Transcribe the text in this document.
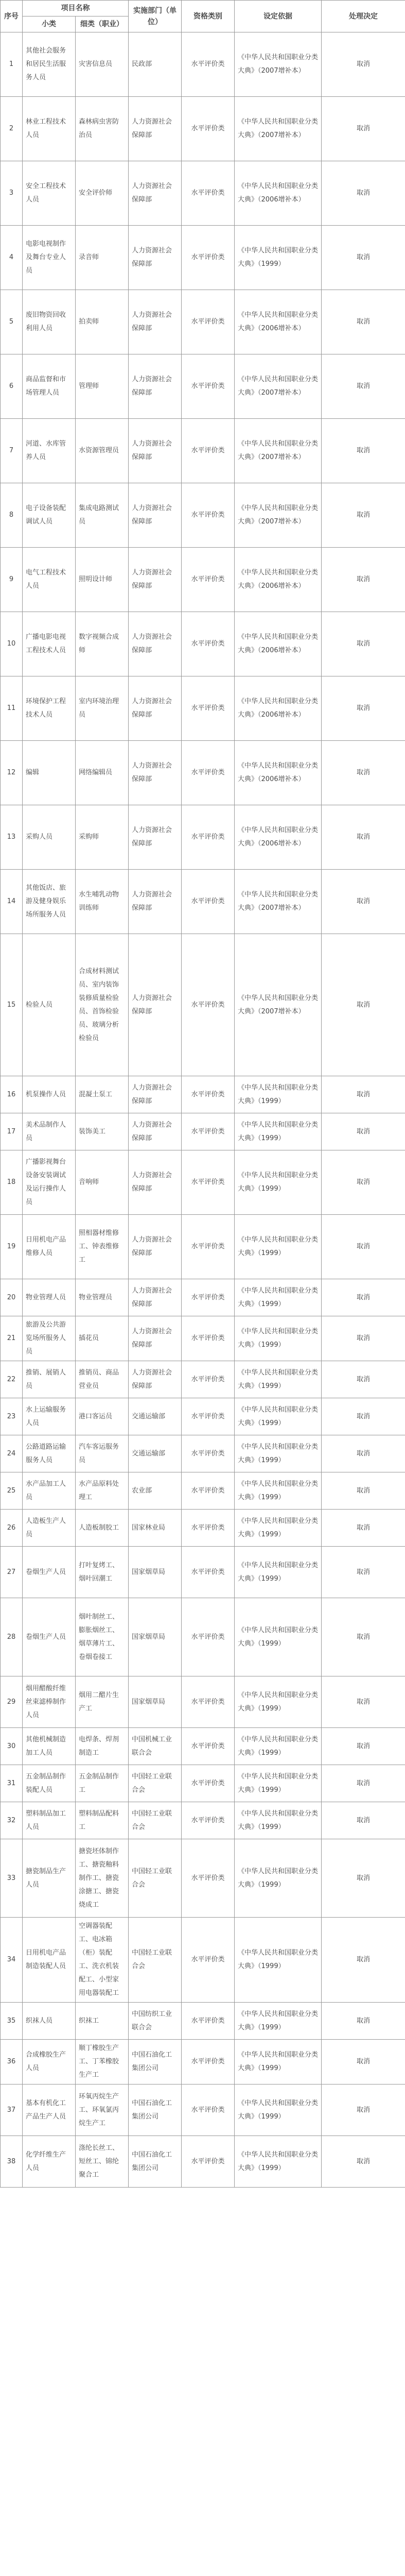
序号	项目名称		实施部门（单位）	资格类别	设定依据	处理决定
	小类	细类（职业）				
1	其他社会服务和居民生活服务人员	灾害信息员	民政部	水平评价类	《中华人民共和国职业分类大典》（2007增补本）	取消
2	林业工程技术人员	森林病虫害防治员	人力资源社会保障部	水平评价类	《中华人民共和国职业分类大典》（2007增补本）	取消
3	安全工程技术人员	安全评价师	人力资源社会保障部	水平评价类	《中华人民共和国职业分类大典》（2006增补本）	取消
4	电影电视制作及舞台专业人员	录音师	人力资源社会保障部	水平评价类	《中华人民共和国职业分类大典》（1999）	取消
5	废旧物资回收利用人员	拍卖师	人力资源社会保障部	水平评价类	《中华人民共和国职业分类大典》（2006增补本）	取消
6	商品监督和市场管理人员	管理师	人力资源社会保障部	水平评价类	《中华人民共和国职业分类大典》（2007增补本）	取消
7	河道、水库管养人员	水资源管理员	人力资源社会保障部	水平评价类	《中华人民共和国职业分类大典》（2007增补本）	取消
8	电子设备装配调试人员	集成电路测试员	人力资源社会保障部	水平评价类	《中华人民共和国职业分类大典》（2007增补本）	取消
9	电气工程技术人员	照明设计师	人力资源社会保障部	水平评价类	《中华人民共和国职业分类大典》（2006增补本）	取消
10	广播电影电视工程技术人员	数字视频合成师	人力资源社会保障部	水平评价类	《中华人民共和国职业分类大典》（2006增补本）	取消
11	环境保护工程技术人员	室内环境治理员	人力资源社会保障部	水平评价类	《中华人民共和国职业分类大典》（2006增补本）	取消
12	编辑	网络编辑员	人力资源社会保障部	水平评价类	《中华人民共和国职业分类大典》（2006增补本）	取消
13	采购人员	采购师	人力资源社会保障部	水平评价类	《中华人民共和国职业分类大典》（2006增补本）	取消
14	其他饭店、旅游及健身娱乐场所服务人员	水生哺乳动物训练师	人力资源社会保障部	水平评价类	《中华人民共和国职业分类大典》（2007增补本）	取消
15	检验人员	合成材料测试员、室内装饰装修质量检验员、首饰检验员、玻璃分析检验员	人力资源社会保障部	水平评价类	《中华人民共和国职业分类大典》（2007增补本）	取消
16	机泵操作人员	混凝土泵工	人力资源社会保障部	水平评价类	《中华人民共和国职业分类大典》（1999）	取消
17	美术品制作人员	装饰美工	人力资源社会保障部	水平评价类	《中华人民共和国职业分类大典》（1999）	取消
18	广播影视舞台设备安装调试及运行操作人员	音响师	人力资源社会保障部	水平评价类	《中华人民共和国职业分类大典》（1999）	取消
19	日用机电产品维修人员	照相器材维修工、钟表维修工	人力资源社会保障部	水平评价类	《中华人民共和国职业分类大典》（1999）	取消
20	物业管理人员	物业管理员	人力资源社会保障部	水平评价类	《中华人民共和国职业分类大典》（1999）	取消
21	旅游及公共游览场所服务人员	插花员	人力资源社会保障部	水平评价类	《中华人民共和国职业分类大典》（1999）	取消
22	推销、展销人员	推销员、商品营业员	人力资源社会保障部	水平评价类	《中华人民共和国职业分类大典》（1999）	取消
23	水上运输服务人员	港口客运员	交通运输部	水平评价类	《中华人民共和国职业分类大典》（1999）	取消
24	公路道路运输服务人员	汽车客运服务员	交通运输部	水平评价类	《中华人民共和国职业分类大典》（1999）	取消
25	水产品加工人员	水产品原料处理工	农业部	水平评价类	《中华人民共和国职业分类大典》（1999）	取消
26	人造板生产人员	人造板制胶工	国家林业局	水平评价类	《中华人民共和国职业分类大典》（1999）	取消
27	卷烟生产人员	打叶复烤工、烟叶回潮工	国家烟草局	水平评价类	《中华人民共和国职业分类大典》（1999）	取消
28	卷烟生产人员	烟叶制丝工、膨胀烟丝工、烟草薄片工、卷烟卷接工	国家烟草局	水平评价类	《中华人民共和国职业分类大典》（1999）	取消
29	烟用醋酸纤维丝束滤棒制作人员	烟用二醋片生产工	国家烟草局	水平评价类	《中华人民共和国职业分类大典》（1999）	取消
30	其他机械制造加工人员	电焊条、焊剂制造工	中国机械工业联合会	水平评价类	《中华人民共和国职业分类大典》（1999）	取消
31	五金制品制作装配人员	五金制品制作工	中国轻工业联合会	水平评价类	《中华人民共和国职业分类大典》（1999）	取消
32	塑料制品加工人员	塑料制品配料工	中国轻工业联合会	水平评价类	《中华人民共和国职业分类大典》（1999）	取消
33	搪瓷制品生产人员	搪瓷坯体制作工、搪瓷釉料制作工、搪瓷涂搪工、搪瓷烧成工	中国轻工业联合会	水平评价类	《中华人民共和国职业分类大典》（1999）	取消
34	日用机电产品制造装配人员	空调器装配工、电冰箱（柜）装配工、洗衣机装配工、小型家用电器装配工	中国轻工业联合会	水平评价类	《中华人民共和国职业分类大典》（1999）	取消
35	织袜人员	织袜工	中国纺织工业联合会	水平评价类	《中华人民共和国职业分类大典》（1999）	取消
36	合成橡胶生产人员	顺丁橡胶生产工、丁苯橡胶生产工	中国石油化工集团公司	水平评价类	《中华人民共和国职业分类大典》（1999）	取消
37	基本有机化工产品生产人员	环氧丙烷生产工、环氧氯丙烷生产工	中国石油化工集团公司	水平评价类	《中华人民共和国职业分类大典》（1999）	取消
38	化学纤维生产人员	涤纶长丝工、短丝工、锦纶聚合工	中国石油化工集团公司	水平评价类	《中华人民共和国职业分类大典》（1999）	取消
